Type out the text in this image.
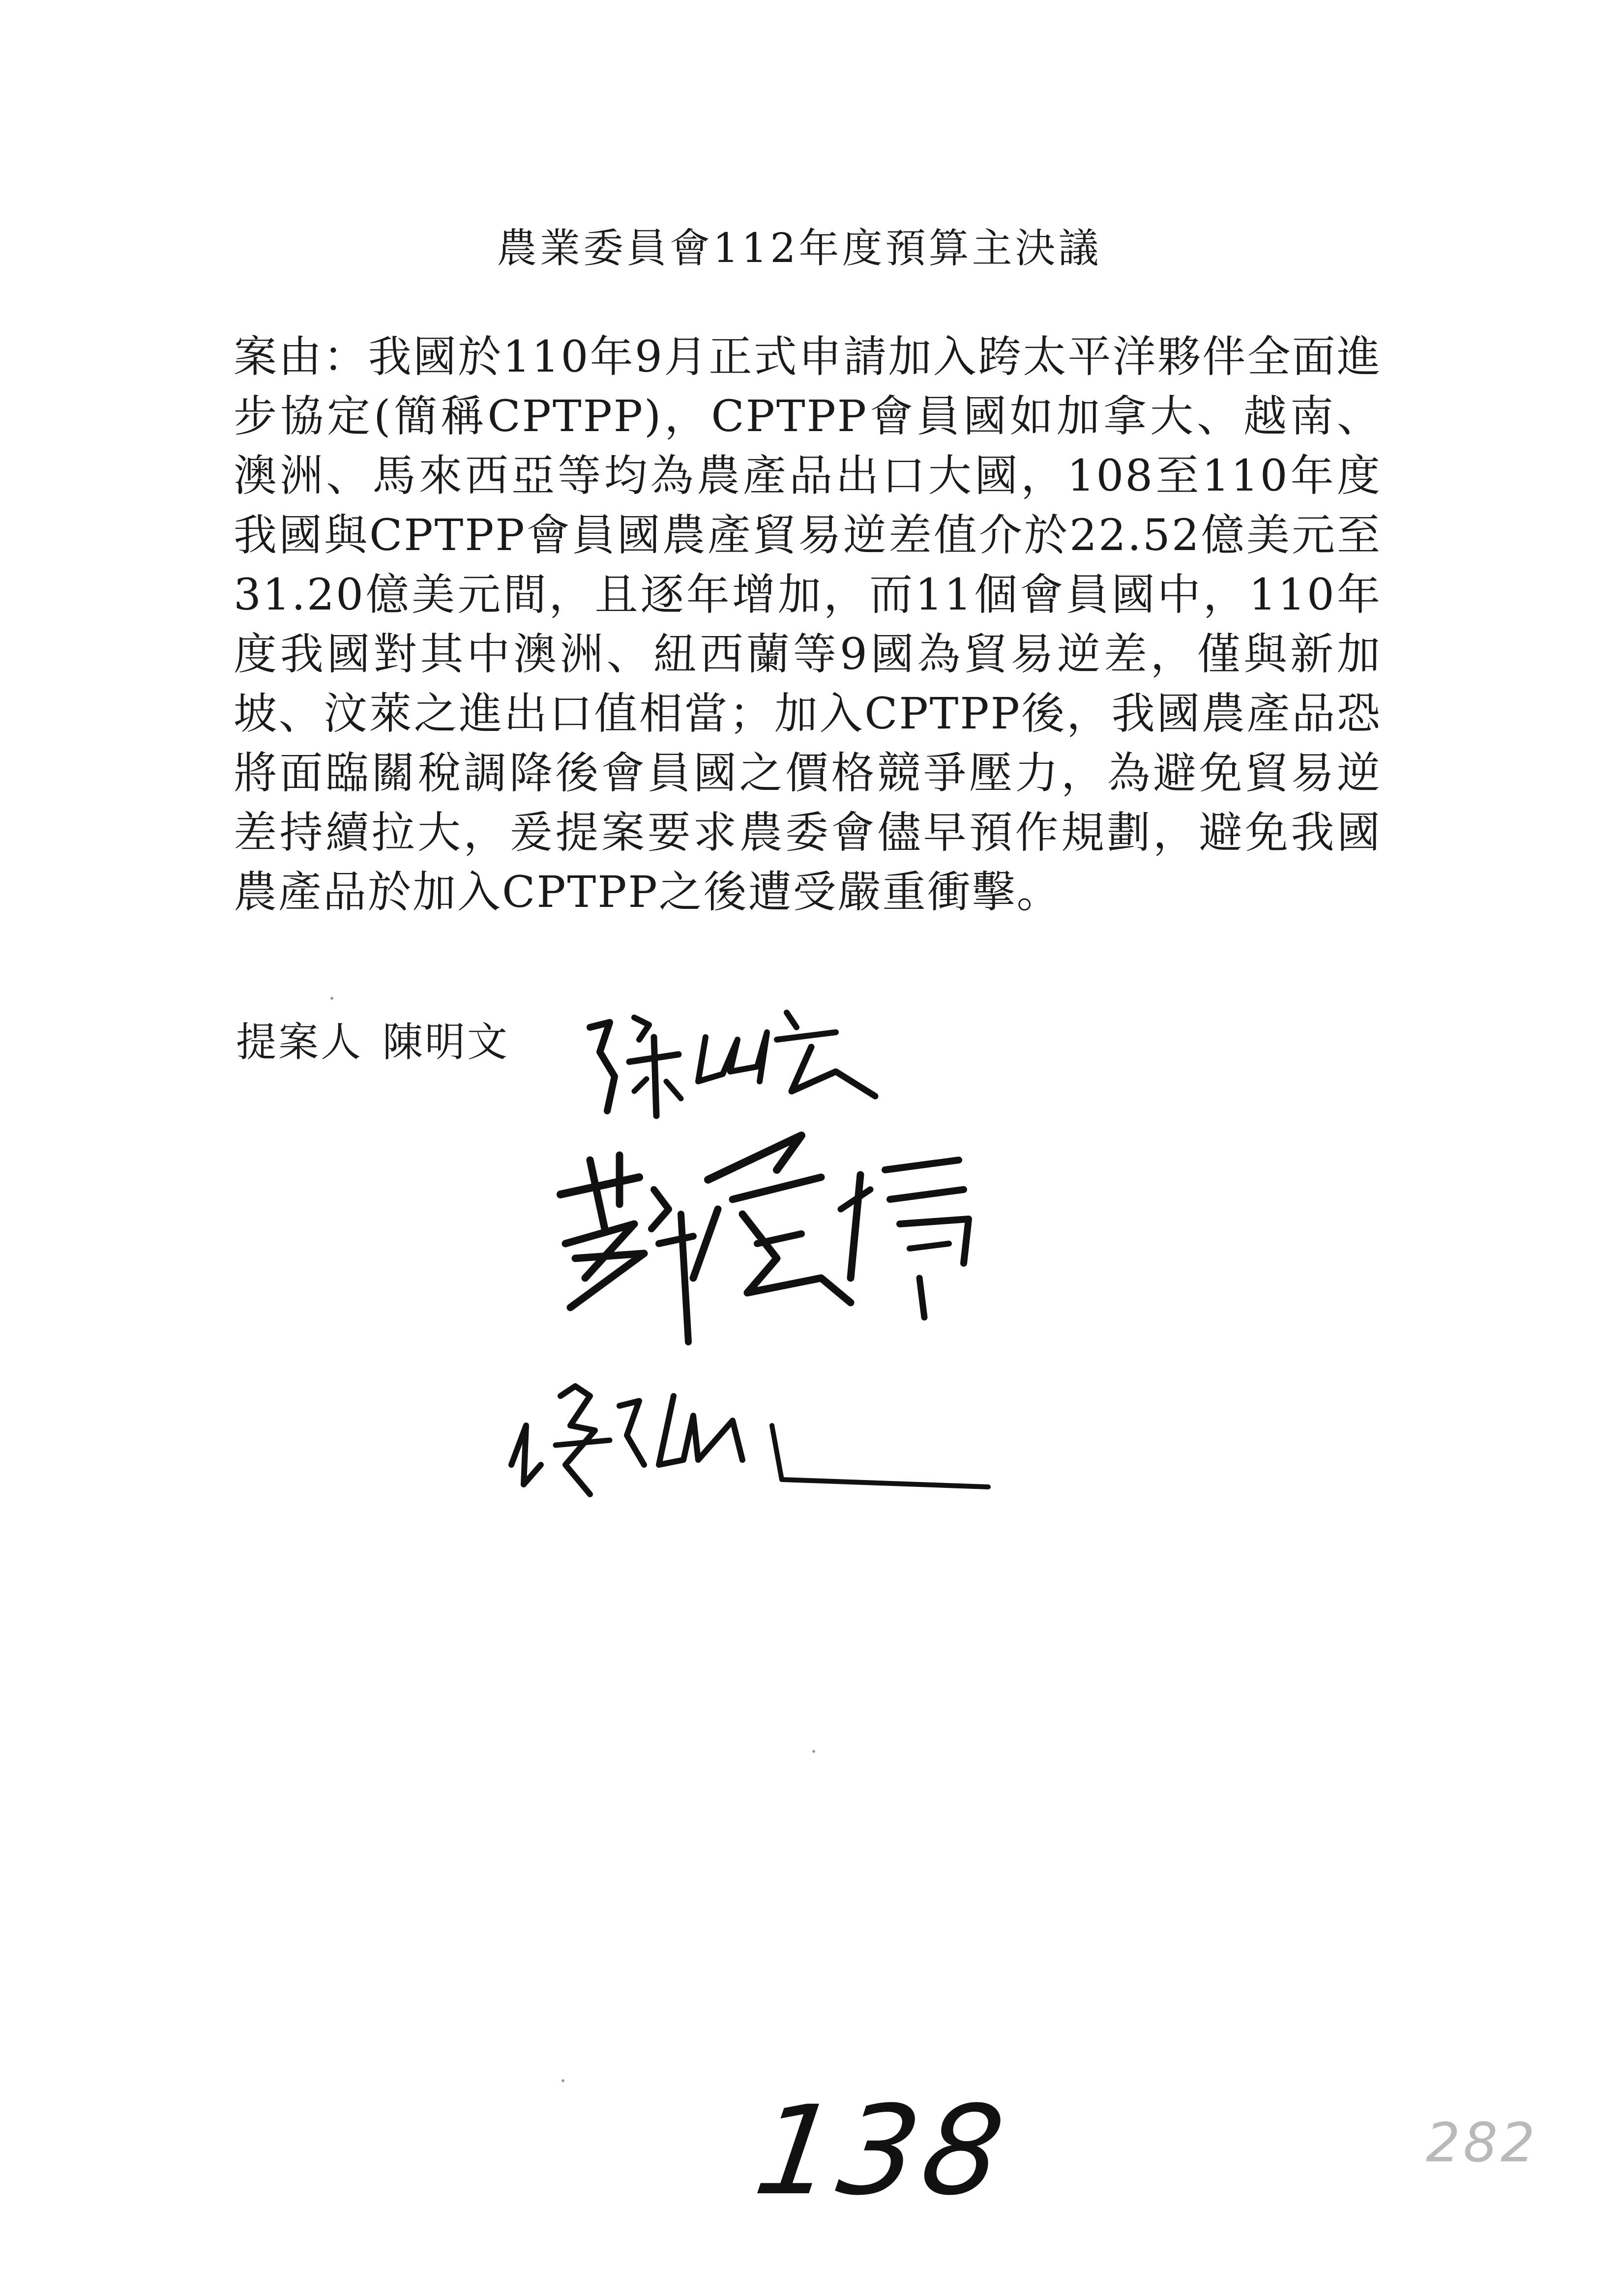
農業委員會112年度預算主決議
案由：我國於110年9月正式申請加入跨太平洋夥伴全面進步協定(簡稱CPTPP)，CPTPP會員國如加拿大、越南、澳洲、馬來西亞等均為農產品出口大國，108至110年度我國與CPTPP會員國農產貿易逆差值介於22.52億美元至31.20億美元間，且逐年增加，而11個會員國中，110年度我國對其中澳洲、紐西蘭等9國為貿易逆差，僅與新加坡、汶萊之進出口值相當；加入CPTPP後，我國農產品恐將面臨關稅調降後會員國之價格競爭壓力，為避免貿易逆差持續拉大，爰提案要求農委會儘早預作規劃，避免我國農產品於加入CPTPP之後遭受嚴重衝擊。
提案人 陳明文
138	282
